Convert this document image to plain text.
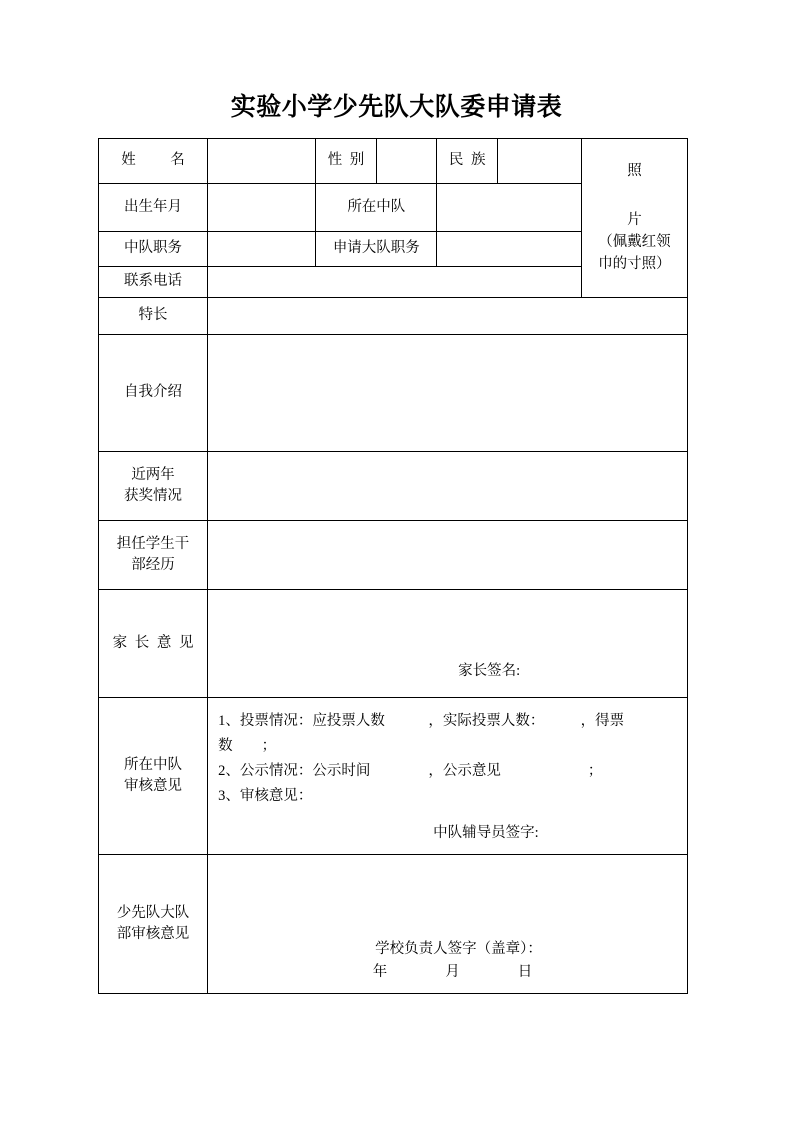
实验小学少先队大队委申请表
姓　名		性 别		民 族		照
片
（佩戴红领
巾的寸照）

出生年月		所在中队				
中队职务		申请大队职务				
联系电话						
特长						
自我介绍						

近两年
获奖情况						

担任学生干
部经历						

家 长 意 见	家长签名:					

所在中队
审核意见	1、投票情况：应投票人数　　　，实际投票人数：　　　，得票
数　　；
2、公示情况：公示时间　　　　，公示意见　　　　　　；
3、审核意见：
中队辅导员签字:					

少先队大队
部审核意见	学校负责人签字（盖章）：
年　　　　月　　　　日					
